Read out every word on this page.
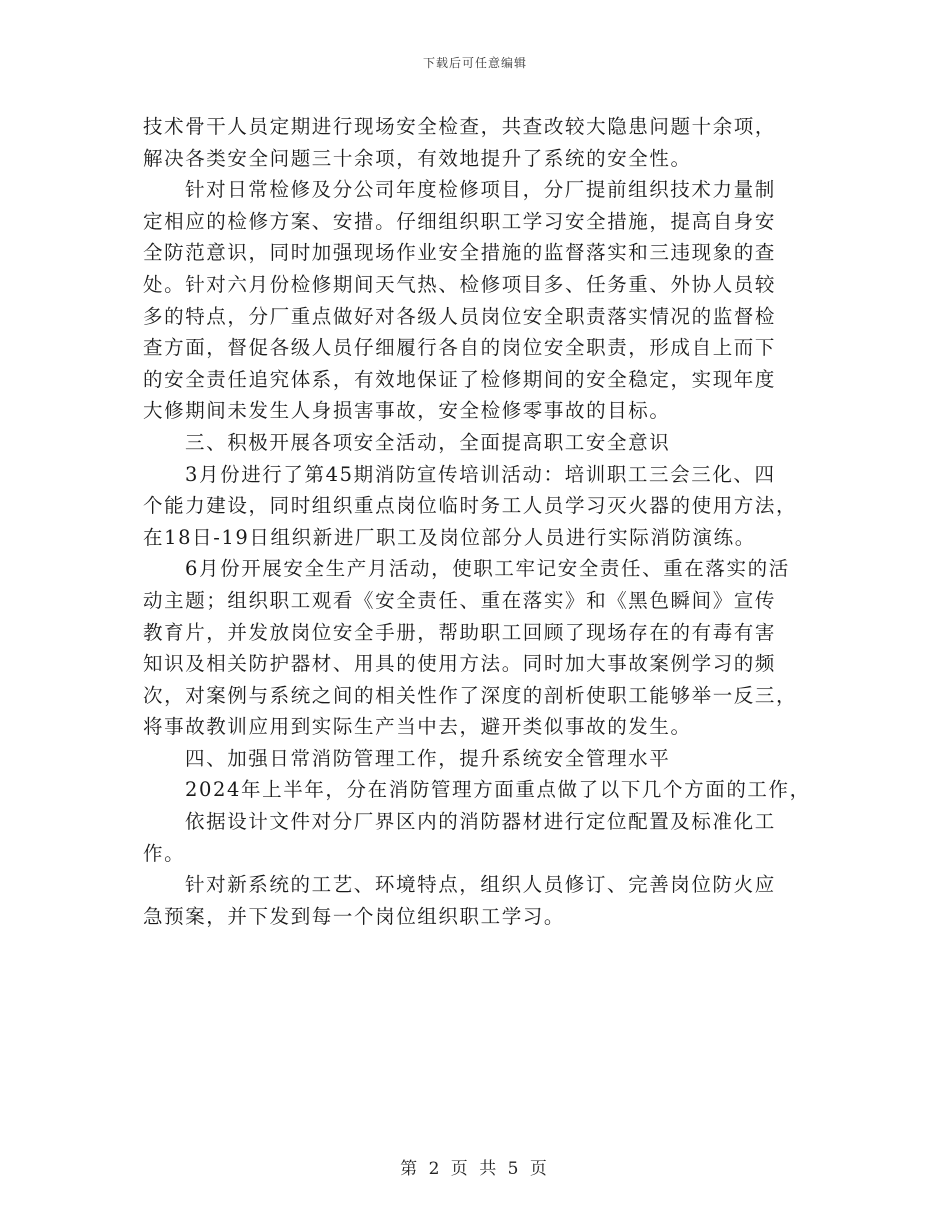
下载后可任意编辑
技术骨干人员定期进行现场安全检查，共查改较大隐患问题十余项，
解决各类安全问题三十余项，有效地提升了系统的安全性。
针对日常检修及分公司年度检修项目，分厂提前组织技术力量制
定相应的检修方案、安措。仔细组织职工学习安全措施，提高自身安
全防范意识，同时加强现场作业安全措施的监督落实和三违现象的查
处。针对六月份检修期间天气热、检修项目多、任务重、外协人员较
多的特点，分厂重点做好对各级人员岗位安全职责落实情况的监督检
查方面，督促各级人员仔细履行各自的岗位安全职责，形成自上而下
的安全责任追究体系，有效地保证了检修期间的安全稳定，实现年度
大修期间未发生人身损害事故，安全检修零事故的目标。
三、积极开展各项安全活动，全面提高职工安全意识
3月份进行了第45期消防宣传培训活动：培训职工三会三化、四
个能力建设，同时组织重点岗位临时务工人员学习灭火器的使用方法，
在18日-19日组织新进厂职工及岗位部分人员进行实际消防演练。
6月份开展安全生产月活动，使职工牢记安全责任、重在落实的活
动主题；组织职工观看《安全责任、重在落实》和《黑色瞬间》宣传
教育片，并发放岗位安全手册，帮助职工回顾了现场存在的有毒有害
知识及相关防护器材、用具的使用方法。同时加大事故案例学习的频
次，对案例与系统之间的相关性作了深度的剖析使职工能够举一反三，
将事故教训应用到实际生产当中去，避开类似事故的发生。
四、加强日常消防管理工作，提升系统安全管理水平
2024年上半年，分在消防管理方面重点做了以下几个方面的工作，
依据设计文件对分厂界区内的消防器材进行定位配置及标准化工
作。
针对新系统的工艺、环境特点，组织人员修订、完善岗位防火应
急预案，并下发到每一个岗位组织职工学习。
第 2 页 共 5 页
